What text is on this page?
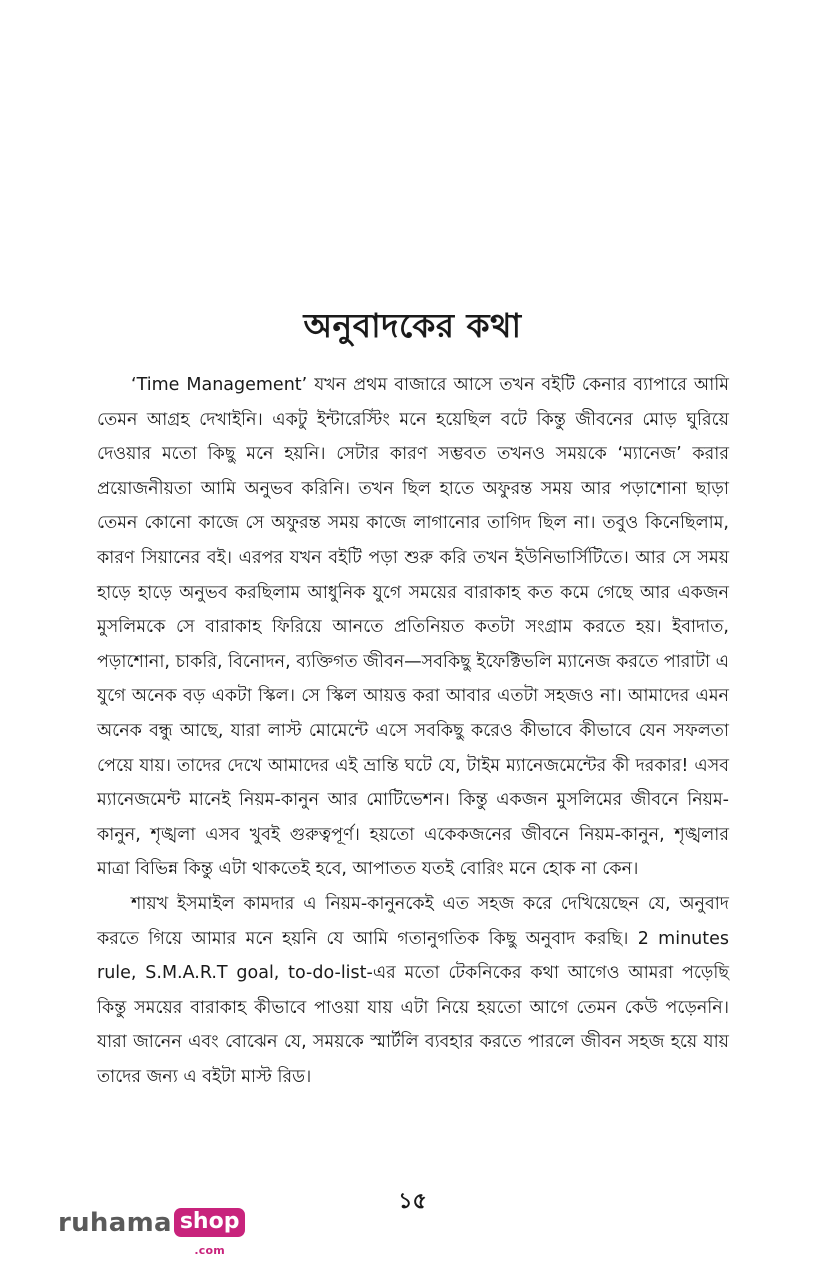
অনুবাদকের কথা

‘Time Management’ যখন প্রথম বাজারে আসে তখন বইটি কেনার ব্যাপারে আমি তেমন আগ্রহ দেখাইনি। একটু ইন্টারেস্টিং মনে হয়েছিল বটে কিন্তু জীবনের মোড় ঘুরিয়ে দেওয়ার মতো কিছু মনে হয়নি। সেটার কারণ সম্ভবত তখনও সময়কে ‘ম্যানেজ’ করার প্রয়োজনীয়তা আমি অনুভব করিনি। তখন ছিল হাতে অফুরন্ত সময় আর পড়াশোনা ছাড়া তেমন কোনো কাজে সে অফুরন্ত সময় কাজে লাগানোর তাগিদ ছিল না। তবুও কিনেছিলাম, কারণ সিয়ানের বই। এরপর যখন বইটি পড়া শুরু করি তখন ইউনিভার্সিটিতে। আর সে সময় হাড়ে হাড়ে অনুভব করছিলাম আধুনিক যুগে সময়ের বারাকাহ কত কমে গেছে আর একজন মুসলিমকে সে বারাকাহ ফিরিয়ে আনতে প্রতিনিয়ত কতটা সংগ্রাম করতে হয়। ইবাদাত, পড়াশোনা, চাকরি, বিনোদন, ব্যক্তিগত জীবন—সবকিছু ইফেক্টিভলি ম্যানেজ করতে পারাটা এ যুগে অনেক বড় একটা স্কিল। সে স্কিল আয়ত্ত করা আবার এতটা সহজও না। আমাদের এমন অনেক বন্ধু আছে, যারা লাস্ট মোমেন্টে এসে সবকিছু করেও কীভাবে কীভাবে যেন সফলতা পেয়ে যায়। তাদের দেখে আমাদের এই ভ্রান্তি ঘটে যে, টাইম ম্যানেজমেন্টের কী দরকার! এসব ম্যানেজমেন্ট মানেই নিয়ম-কানুন আর মোটিভেশন। কিন্তু একজন মুসলিমের জীবনে নিয়ম-কানুন, শৃঙ্খলা এসব খুবই গুরুত্বপূর্ণ। হয়তো একেকজনের জীবনে নিয়ম-কানুন, শৃঙ্খলার মাত্রা বিভিন্ন কিন্তু এটা থাকতেই হবে, আপাতত যতই বোরিং মনে হোক না কেন।

শায়খ ইসমাইল কামদার এ নিয়ম-কানুনকেই এত সহজ করে দেখিয়েছেন যে, অনুবাদ করতে গিয়ে আমার মনে হয়নি যে আমি গতানুগতিক কিছু অনুবাদ করছি। 2 minutes rule, S.M.A.R.T goal, to-do-list-এর মতো টেকনিকের কথা আগেও আমরা পড়েছি কিন্তু সময়ের বারাকাহ কীভাবে পাওয়া যায় এটা নিয়ে হয়তো আগে তেমন কেউ পড়েননি। যারা জানেন এবং বোঝেন যে, সময়কে স্মার্টলি ব্যবহার করতে পারলে জীবন সহজ হয়ে যায় তাদের জন্য এ বইটা মাস্ট রিড।

১৫
ruhama shop
.com
